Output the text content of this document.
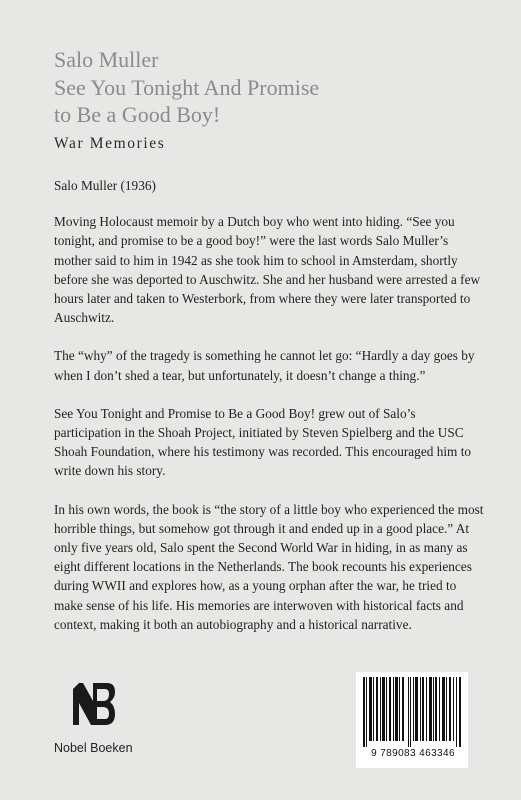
Salo Muller
See You Tonight And Promise
to Be a Good Boy!
War Memories

Salo Muller (1936)

Moving Holocaust memoir by a Dutch boy who went into hiding. “See you tonight, and promise to be a good boy!” were the last words Salo Muller’s mother said to him in 1942 as she took him to school in Amsterdam, shortly before she was deported to Auschwitz. She and her husband were arrested a few hours later and taken to Westerbork, from where they were later transported to Auschwitz.

The “why” of the tragedy is something he cannot let go: “Hardly a day goes by when I don’t shed a tear, but unfortunately, it doesn’t change a thing.”

See You Tonight and Promise to Be a Good Boy! grew out of Salo’s participation in the Shoah Project, initiated by Steven Spielberg and the USC Shoah Foundation, where his testimony was recorded. This encouraged him to write down his story.

In his own words, the book is “the story of a little boy who experienced the most horrible things, but somehow got through it and ended up in a good place.” At only five years old, Salo spent the Second World War in hiding, in as many as eight different locations in the Netherlands. The book recounts his experiences during WWII and explores how, as a young orphan after the war, he tried to make sense of his life. His memories are interwoven with historical facts and context, making it both an autobiography and a historical narrative.

Nobel Boeken	9 789083 463346
